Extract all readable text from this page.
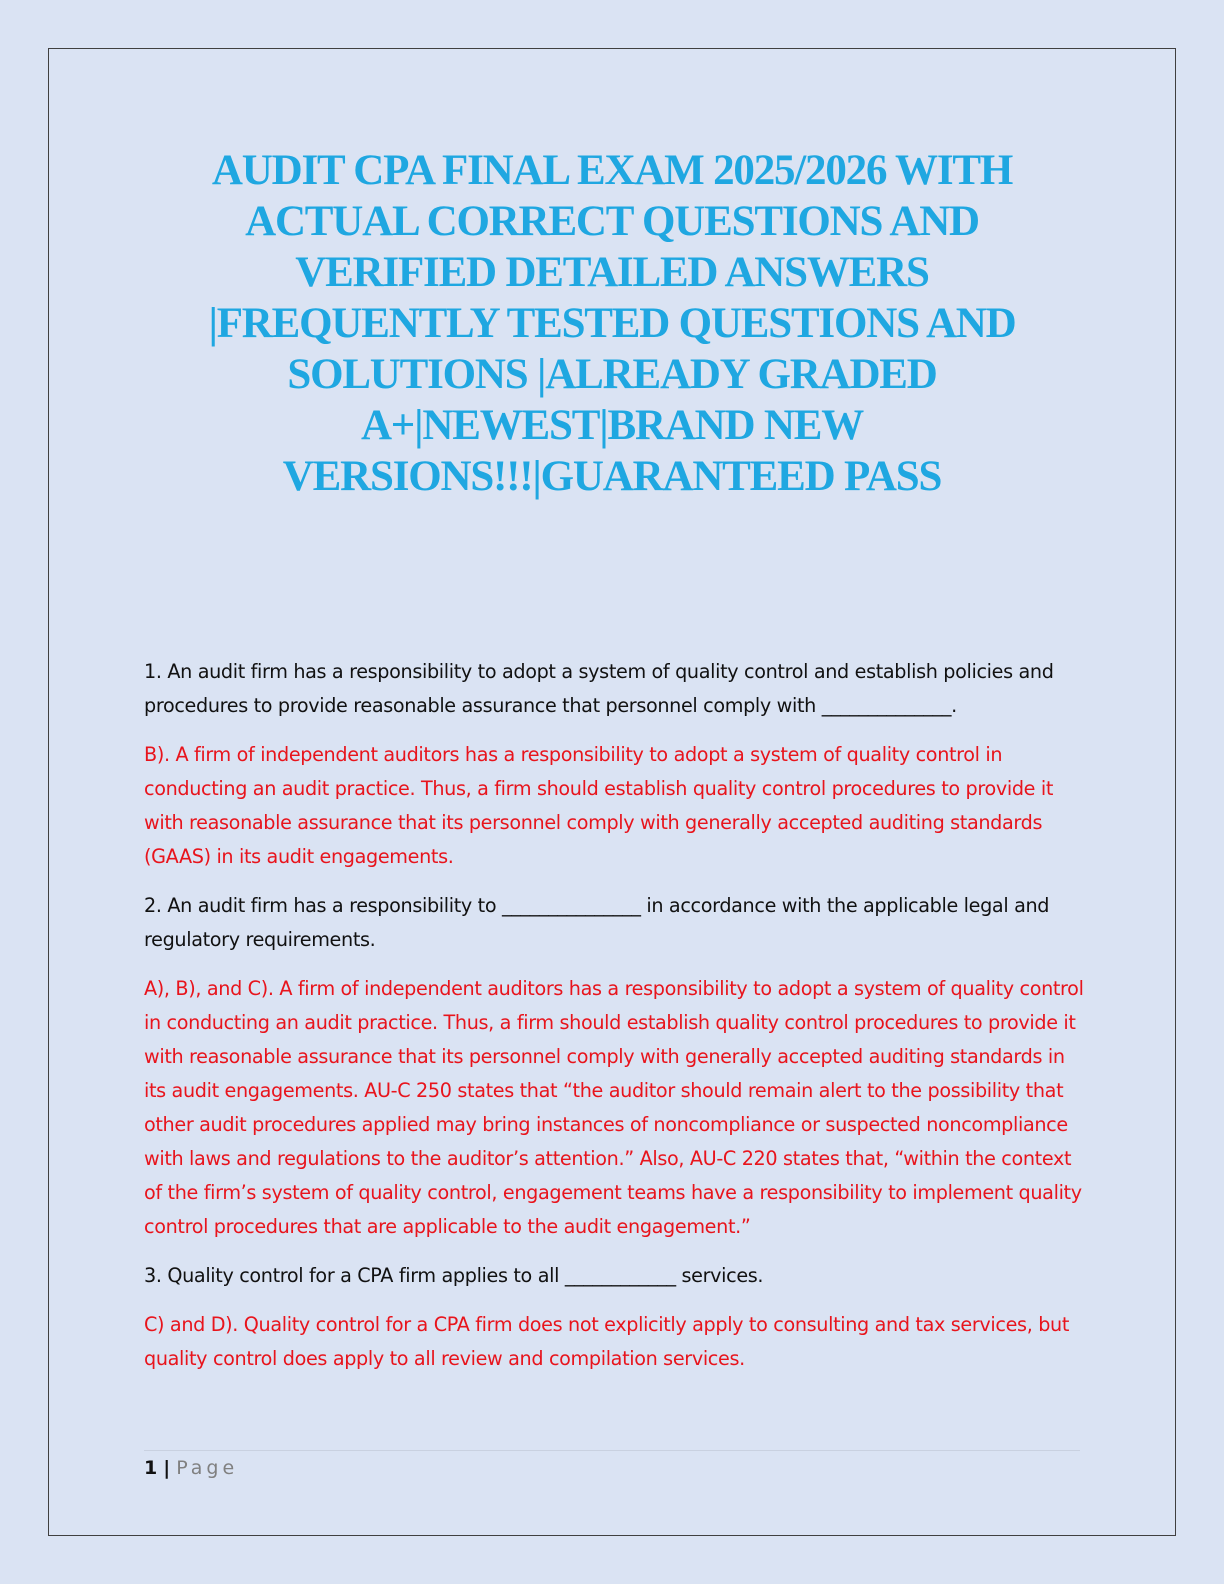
AUDIT CPA FINAL EXAM 2025/2026 WITH ACTUAL CORRECT QUESTIONS AND VERIFIED DETAILED ANSWERS |FREQUENTLY TESTED QUESTIONS AND SOLUTIONS |ALREADY GRADED A+|NEWEST|BRAND NEW VERSIONS!!!|GUARANTEED PASS

1. An audit firm has a responsibility to adopt a system of quality control and establish policies and procedures to provide reasonable assurance that personnel comply with ______________.

B). A firm of independent auditors has a responsibility to adopt a system of quality control in conducting an audit practice. Thus, a firm should establish quality control procedures to provide it with reasonable assurance that its personnel comply with generally accepted auditing standards (GAAS) in its audit engagements.

2. An audit firm has a responsibility to _______________ in accordance with the applicable legal and regulatory requirements.

A), B), and C). A firm of independent auditors has a responsibility to adopt a system of quality control in conducting an audit practice. Thus, a firm should establish quality control procedures to provide it with reasonable assurance that its personnel comply with generally accepted auditing standards in its audit engagements. AU-C 250 states that “the auditor should remain alert to the possibility that other audit procedures applied may bring instances of noncompliance or suspected noncompliance with laws and regulations to the auditor’s attention.” Also, AU-C 220 states that, “within the context of the firm’s system of quality control, engagement teams have a responsibility to implement quality control procedures that are applicable to the audit engagement.”

3. Quality control for a CPA firm applies to all ____________ services.

C) and D). Quality control for a CPA firm does not explicitly apply to consulting and tax services, but quality control does apply to all review and compilation services.

1 | Page
